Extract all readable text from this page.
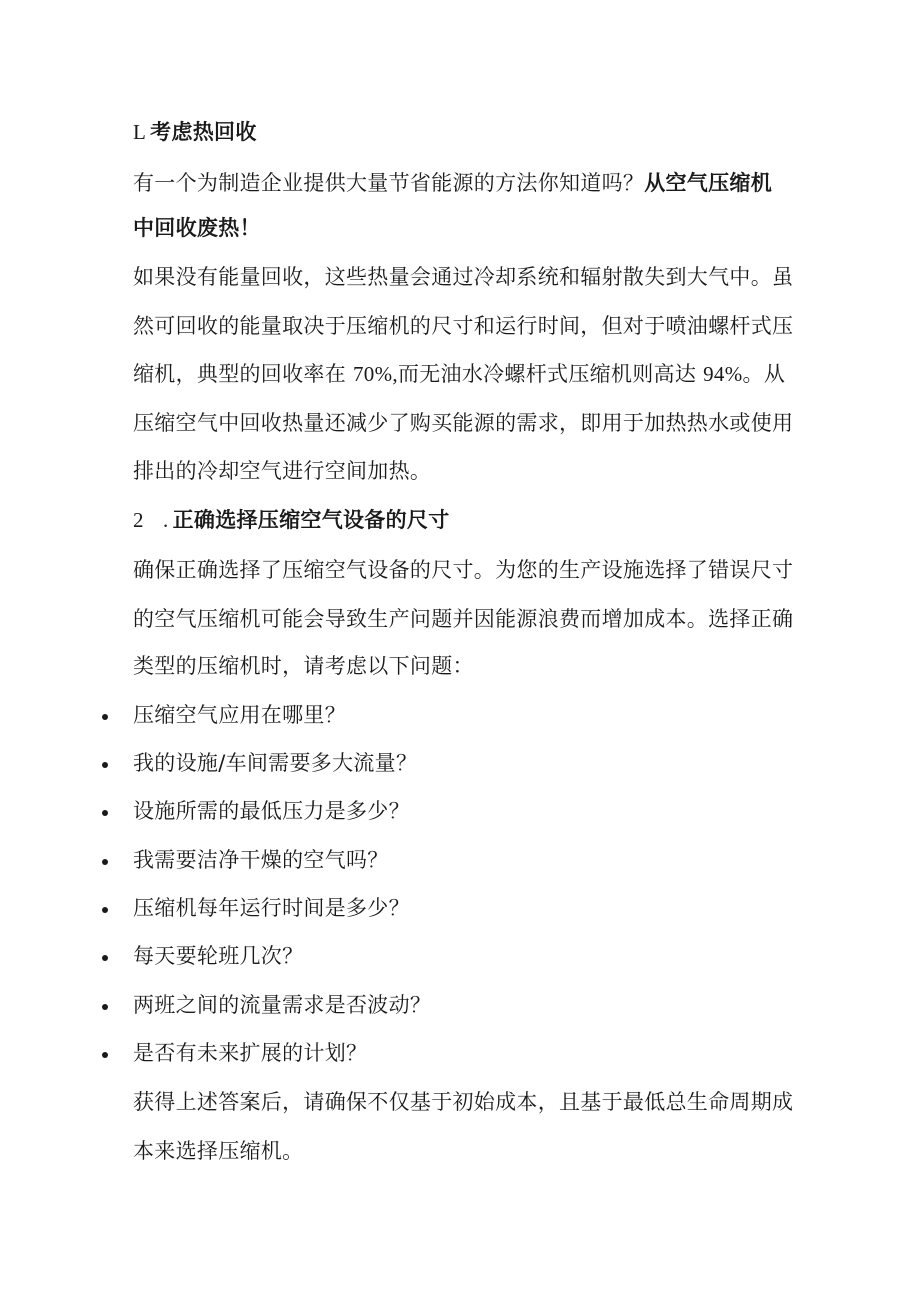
L 考虑热回收
有一个为制造企业提供大量节省能源的方法你知道吗？从空气压缩机
中回收废热！
如果没有能量回收，这些热量会通过冷却系统和辐射散失到大气中。虽
然可回收的能量取决于压缩机的尺寸和运行时间，但对于喷油螺杆式压
缩机，典型的回收率在 70%,而无油水冷螺杆式压缩机则高达 94%。从
压缩空气中回收热量还减少了购买能源的需求，即用于加热热水或使用
排出的冷却空气进行空间加热。
2 . 正确选择压缩空气设备的尺寸
确保正确选择了压缩空气设备的尺寸。为您的生产设施选择了错误尺寸
的空气压缩机可能会导致生产问题并因能源浪费而增加成本。选择正确
类型的压缩机时，请考虑以下问题：
压缩空气应用在哪里？
我的设施/车间需要多大流量？
设施所需的最低压力是多少？
我需要洁净干燥的空气吗？
压缩机每年运行时间是多少？
每天要轮班几次？
两班之间的流量需求是否波动？
是否有未来扩展的计划？
获得上述答案后，请确保不仅基于初始成本，且基于最低总生命周期成
本来选择压缩机。
